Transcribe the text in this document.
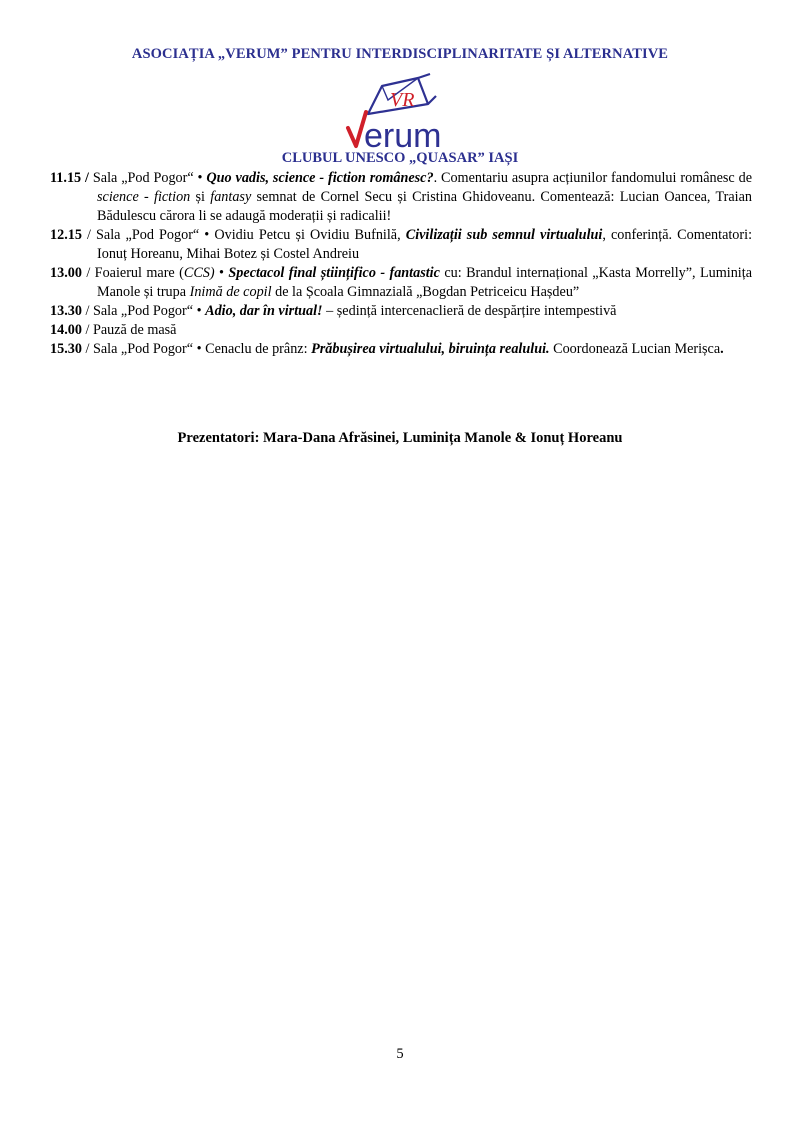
ASOCIAȚIA „VERUM” PENTRU INTERDISCIPLINARITATE ȘI ALTERNATIVE
VR
erum
CLUBUL UNESCO „QUASAR” IAȘI

11.15 / Sala „Pod Pogor“ • Quo vadis, science - fiction românesc?. Comentariu asupra acțiunilor fandomului românesc de science - fiction și fantasy semnat de Cornel Secu și Cristina Ghidoveanu. Comentează: Lucian Oancea, Traian Bădulescu cărora li se adaugă moderații și radicalii!

12.15 / Sala „Pod Pogor“ • Ovidiu Petcu și Ovidiu Bufnilă, Civilizații sub semnul virtualului, conferință. Comentatori: Ionuț Horeanu, Mihai Botez și Costel Andreiu

13.00 / Foaierul mare (CCS) • Spectacol final științifico - fantastic cu: Brandul internațional „Kasta Morrelly”, Luminița Manole și trupa Inimă de copil de la Școala Gimnazială „Bogdan Petriceicu Hașdeu”

13.30 / Sala „Pod Pogor“ • Adio, dar în virtual! – ședință intercenaclieră de despărțire intempestivă

14.00 / Pauză de masă

15.30 / Sala „Pod Pogor“ • Cenaclu de prânz: Prăbușirea virtualului, biruința realului. Coordonează Lucian Merișca.

Prezentatori: Mara-Dana Afrăsinei, Luminița Manole & Ionuț Horeanu
5
